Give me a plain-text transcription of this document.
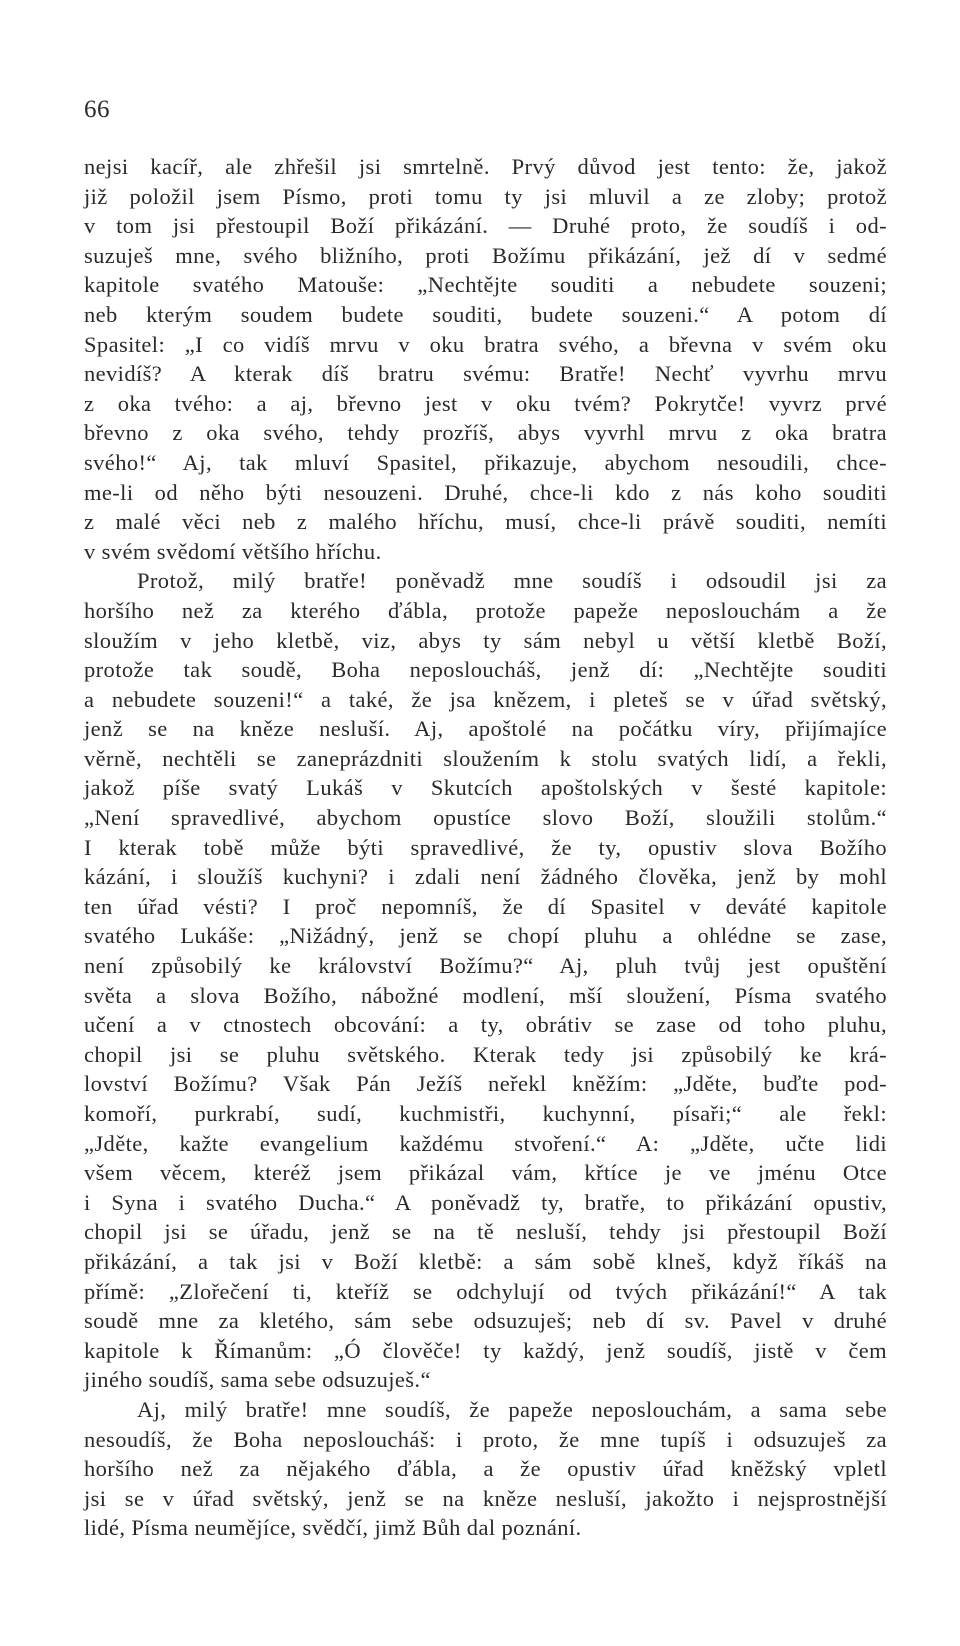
66
nejsi kacíř, ale zhřešil jsi smrtelně. Prvý důvod jest tento: že, jakož
již položil jsem Písmo, proti tomu ty jsi mluvil a ze zloby; protož
v tom jsi přestoupil Boží přikázání. — Druhé proto, že soudíš i od-
suzuješ mne, svého bližního, proti Božímu přikázání, jež dí v sedmé
kapitole svatého Matouše: „Nechtějte souditi a nebudete souzeni;
neb kterým soudem budete souditi, budete souzeni.“ A potom dí
Spasitel: „I co vidíš mrvu v oku bratra svého, a břevna v svém oku
nevidíš? A kterak díš bratru svému: Bratře! Nechť vyvrhu mrvu
z oka tvého: a aj, břevno jest v oku tvém? Pokrytče! vyvrz prvé
břevno z oka svého, tehdy prozříš, abys vyvrhl mrvu z oka bratra
svého!“ Aj, tak mluví Spasitel, přikazuje, abychom nesoudili, chce-
me-li od něho býti nesouzeni. Druhé, chce-li kdo z nás koho souditi
z malé věci neb z malého hříchu, musí, chce-li právě souditi, nemíti
v svém svědomí většího hříchu.
Protož, milý bratře! poněvadž mne soudíš i odsoudil jsi za
horšího než za kterého ďábla, protože papeže neposlouchám a že
sloužím v jeho kletbě, viz, abys ty sám nebyl u větší kletbě Boží,
protože tak soudě, Boha neposloucháš, jenž dí: „Nechtějte souditi
a nebudete souzeni!“ a také, že jsa knězem, i pleteš se v úřad světský,
jenž se na kněze nesluší. Aj, apoštolé na počátku víry, přijímajíce
věrně, nechtěli se zaneprázdniti sloužením k stolu svatých lidí, a řekli,
jakož píše svatý Lukáš v Skutcích apoštolských v šesté kapitole:
„Není spravedlivé, abychom opustíce slovo Boží, sloužili stolům.“
I kterak tobě může býti spravedlivé, že ty, opustiv slova Božího
kázání, i sloužíš kuchyni? i zdali není žádného člověka, jenž by mohl
ten úřad vésti? I proč nepomníš, že dí Spasitel v deváté kapitole
svatého Lukáše: „Nižádný, jenž se chopí pluhu a ohlédne se zase,
není způsobilý ke království Božímu?“ Aj, pluh tvůj jest opuštění
světa a slova Božího, nábožné modlení, mší sloužení, Písma svatého
učení a v ctnostech obcování: a ty, obrátiv se zase od toho pluhu,
chopil jsi se pluhu světského. Kterak tedy jsi způsobilý ke krá-
lovství Božímu? Však Pán Ježíš neřekl kněžím: „Jděte, buďte pod-
komoří, purkrabí, sudí, kuchmistři, kuchynní, písaři;“ ale řekl:
„Jděte, kažte evangelium každému stvoření.“ A: „Jděte, učte lidi
všem věcem, kteréž jsem přikázal vám, křtíce je ve jménu Otce
i Syna i svatého Ducha.“ A poněvadž ty, bratře, to přikázání opustiv,
chopil jsi se úřadu, jenž se na tě nesluší, tehdy jsi přestoupil Boží
přikázání, a tak jsi v Boží kletbě: a sám sobě klneš, když říkáš na
přímě: „Zlořečení ti, kteříž se odchylují od tvých přikázání!“ A tak
soudě mne za kletého, sám sebe odsuzuješ; neb dí sv. Pavel v druhé
kapitole k Římanům: „Ó člověče! ty každý, jenž soudíš, jistě v čem
jiného soudíš, sama sebe odsuzuješ.“
Aj, milý bratře! mne soudíš, že papeže neposlouchám, a sama sebe
nesoudíš, že Boha neposloucháš: i proto, že mne tupíš i odsuzuješ za
horšího než za nějakého ďábla, a že opustiv úřad kněžský vpletl
jsi se v úřad světský, jenž se na kněze nesluší, jakožto i nejsprostnější
lidé, Písma neumějíce, svědčí, jimž Bůh dal poznání.
